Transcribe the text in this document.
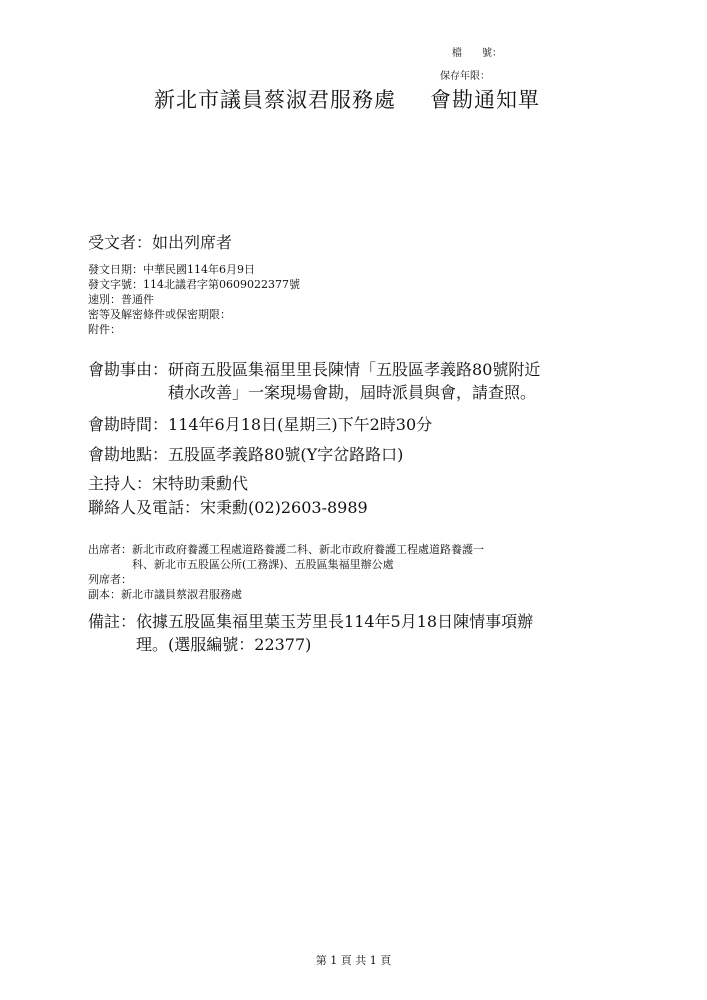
檔　　號：
保存年限：
新北市議員蔡淑君服務處 會勘通知單
受文者：如出列席者
發文日期：中華民國114年6月9日
發文字號：114北議君字第0609022377號
速別：普通件
密等及解密條件或保密期限：
附件：
會勘事由： 研商五股區集福里里長陳情「五股區孝義路80號附近
積水改善」一案現場會勘，屆時派員與會，請查照。
會勘時間：114年6月18日(星期三)下午2時30分
會勘地點：五股區孝義路80號(Y字岔路路口)
主持人：宋特助秉勳代
聯絡人及電話：宋秉勳(02)2603-8989
出席者： 新北市政府養護工程處道路養護二科、新北市政府養護工程處道路養護一
科、新北市五股區公所(工務課)、五股區集福里辦公處
列席者：
副本：新北市議員蔡淑君服務處
備註： 依據五股區集福里葉玉芳里長114年5月18日陳情事項辦
理。(選服編號：22377)
第 1 頁 共 1 頁
